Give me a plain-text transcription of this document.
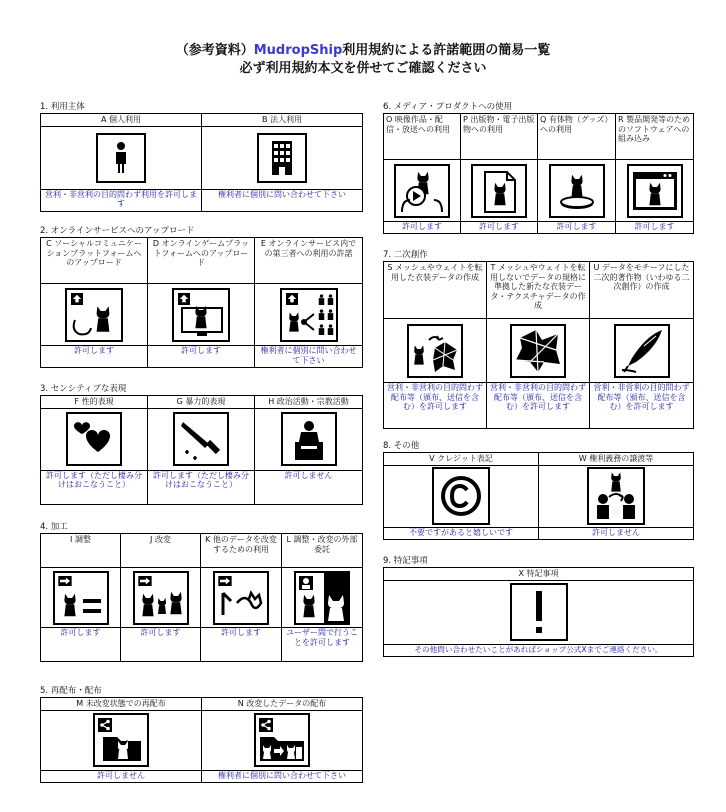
（参考資料）MudropShip利用規約による許諾範囲の簡易一覧
必ず利用規約本文を併せてご確認ください
1. 利用主体
A 個人利用	B 法人利用

営利・非営利の目的問わず利用を許可します	権利者に個別に問い合わせて下さい
2. オンラインサービスへのアップロード
C ソーシャルコミュニケーションプラットフォームへのアップロード	D オンラインゲームプラットフォームへのアップロード	E オンラインサービス内での第三者への利用の許諾

許可します	許可します	権利者に個別に問い合わせて下さい
3. センシティブな表現
F 性的表現	G 暴力的表現	H 政治活動・宗教活動

許可します（ただし棲み分けはおこなうこと）	許可します（ただし棲み分けはおこなうこと）	許可しません
4. 加工
I 調整	J 改変	K 他のデータを改変するための利用	L 調整・改変の外部委託

許可します	許可します	許可します	ユーザー間で行うことを許可します
5. 再配布・配布
M 未改変状態での再配布	N 改変したデータの配布

許可しません	権利者に個別に問い合わせて下さい
6. メディア・プロダクトへの使用
O 映像作品・配信・放送への利用	P 出版物・電子出版物への利用	Q 有体物（グッズ）への利用	R 製品開発等のためのソフトウェアへの組み込み

許可します	許可します	許可します	許可します
7. 二次創作
S メッシュやウェイトを転用した衣装データの作成	T メッシュやウェイトを転用しないでデータの規格に準拠した新たな衣装データ・テクスチャデータの作成	U データをモチーフにした二次的著作物（いわゆる二次創作）の作成

営利・非営利の目的問わず配布等（頒布、送信を含む）を許可します	営利・非営利の目的問わず配布等（頒布、送信を含む）を許可します	営利・非営利の目的問わず配布等（頒布、送信を含む）を許可します
8. その他
V クレジット表記	W 権利義務の譲渡等

不要ですがあると嬉しいです	許可しません
9. 特記事項
X 特記事項

その他問い合わせたいことがあればショップ公式Xまでご連絡ください。
